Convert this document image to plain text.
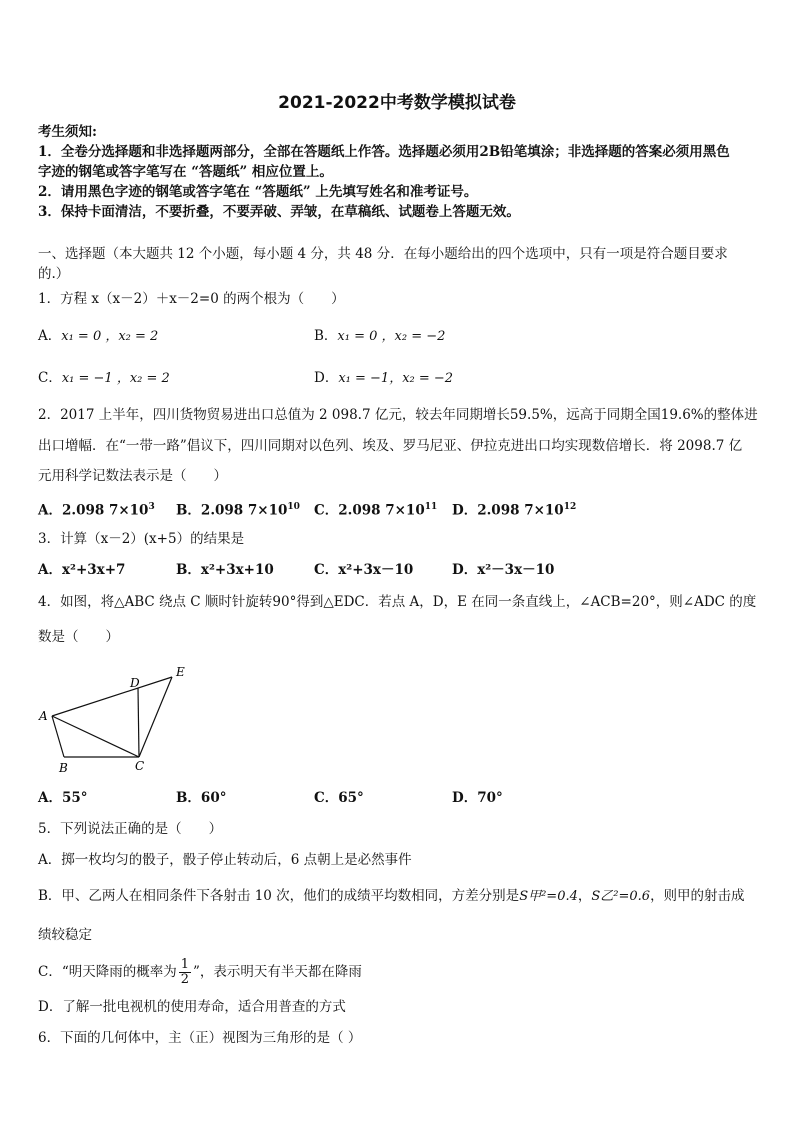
2021-2022中考数学模拟试卷
考生须知:
1．全卷分选择题和非选择题两部分，全部在答题纸上作答。选择题必须用2B铅笔填涂；非选择题的答案必须用黑色
字迹的钢笔或答字笔写在 “答题纸” 相应位置上。
2．请用黑色字迹的钢笔或答字笔在 “答题纸” 上先填写姓名和准考证号。
3．保持卡面清洁，不要折叠，不要弄破、弄皱，在草稿纸、试题卷上答题无效。
一、选择题（本大题共 12 个小题，每小题 4 分，共 48 分．在每小题给出的四个选项中，只有一项是符合题目要求
的.）
1．方程 x（x－2）＋x－2=0 的两个根为（　　）
A．x₁ = 0 ，x₂ = 2	B．x₁ = 0 ，x₂ = −2
C．x₁ = −1 ，x₂ = 2	D．x₁ = −1，x₂ = −2
2．2017 上半年，四川货物贸易进出口总值为 2 098.7 亿元，较去年同期增长59.5%，远高于同期全国19.6%的整体进
出口增幅．在“一带一路”倡议下，四川同期对以色列、埃及、罗马尼亚、伊拉克进出口均实现数倍增长．将 2098.7 亿
元用科学记数法表示是（　　）
A．2.098 $7\times 10^3$ B．2.098 $7\times 10^{10}$ C．2.098 $7\times 10^{11}$ D．2.098 $7\times 10^{12}$
3．计算（x－2）(x+5）的结果是
A．x²+3x+7	B．x²+3x+10	C．x²+3x－10	D．x²－3x－10
4．如图，将△ABC 绕点 C 顺时针旋转90°得到△EDC．若点 A，D，E 在同一条直线上，∠ACB=20°，则∠ADC 的度
数是（　　）
A
B	C
D
E
A．55°	B．60°	C．65°	D．70°
5．下列说法正确的是（　　）
A．掷一枚均匀的骰子，骰子停止转动后，6 点朝上是必然事件
B．甲、乙两人在相同条件下各射击 10 次，他们的成绩平均数相同，方差分别是S甲²=0.4，S乙²=0.6，则甲的射击成
绩较稳定
C．“明天降雨的概率为 $\frac{1}{2}$ ”，表示明天有半天都在降雨
D．了解一批电视机的使用寿命，适合用普查的方式
6．下面的几何体中，主（正）视图为三角形的是（ ）
